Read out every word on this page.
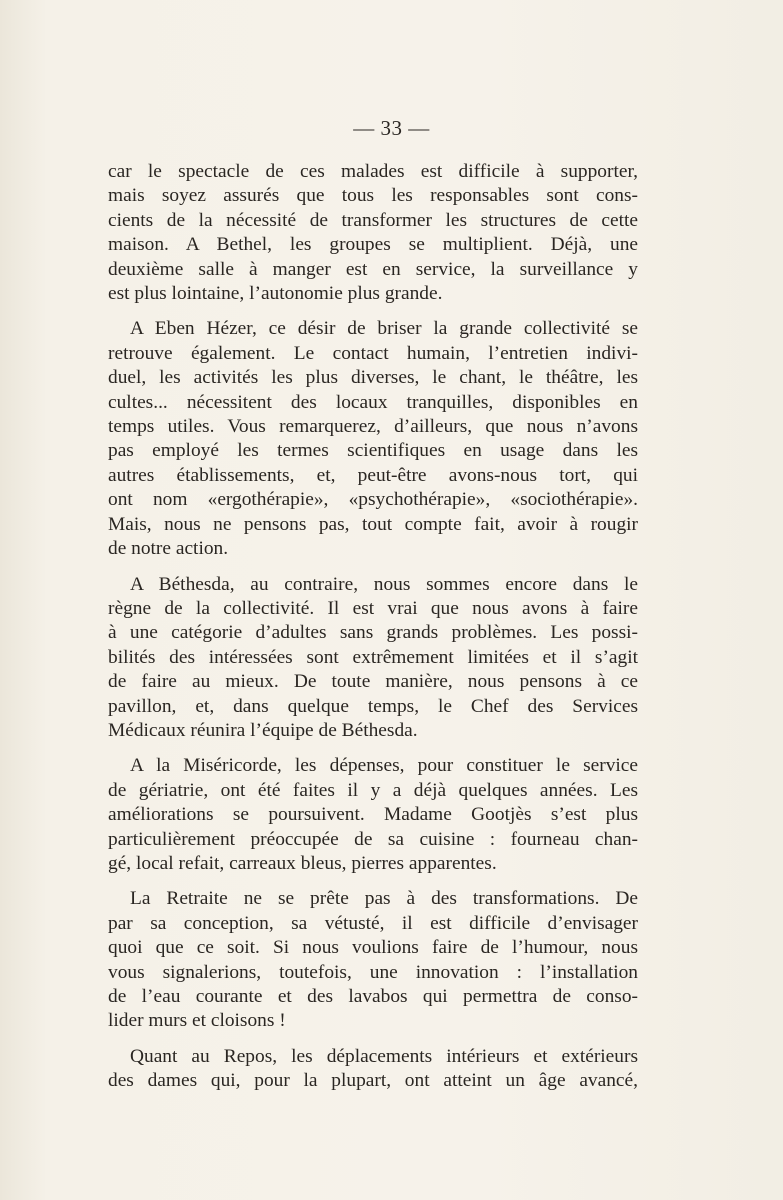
— 33 —
car le spectacle de ces malades est difficile à supporter,
mais soyez assurés que tous les responsables sont cons-
cients de la nécessité de transformer les structures de cette
maison. A Bethel, les groupes se multiplient. Déjà, une
deuxième salle à manger est en service, la surveillance y
est plus lointaine, l’autonomie plus grande.
A Eben Hézer, ce désir de briser la grande collectivité se
retrouve également. Le contact humain, l’entretien indivi-
duel, les activités les plus diverses, le chant, le théâtre, les
cultes... nécessitent des locaux tranquilles, disponibles en
temps utiles. Vous remarquerez, d’ailleurs, que nous n’avons
pas employé les termes scientifiques en usage dans les
autres établissements, et, peut-être avons-nous tort, qui
ont nom «ergothérapie», «psychothérapie», «sociothérapie».
Mais, nous ne pensons pas, tout compte fait, avoir à rougir
de notre action.
A Béthesda, au contraire, nous sommes encore dans le
règne de la collectivité. Il est vrai que nous avons à faire
à une catégorie d’adultes sans grands problèmes. Les possi-
bilités des intéressées sont extrêmement limitées et il s’agit
de faire au mieux. De toute manière, nous pensons à ce
pavillon, et, dans quelque temps, le Chef des Services
Médicaux réunira l’équipe de Béthesda.
A la Miséricorde, les dépenses, pour constituer le service
de gériatrie, ont été faites il y a déjà quelques années. Les
améliorations se poursuivent. Madame Gootjès s’est plus
particulièrement préoccupée de sa cuisine : fourneau chan-
gé, local refait, carreaux bleus, pierres apparentes.
La Retraite ne se prête pas à des transformations. De
par sa conception, sa vétusté, il est difficile d’envisager
quoi que ce soit. Si nous voulions faire de l’humour, nous
vous signalerions, toutefois, une innovation : l’installation
de l’eau courante et des lavabos qui permettra de conso-
lider murs et cloisons !
Quant au Repos, les déplacements intérieurs et extérieurs
des dames qui, pour la plupart, ont atteint un âge avancé,
